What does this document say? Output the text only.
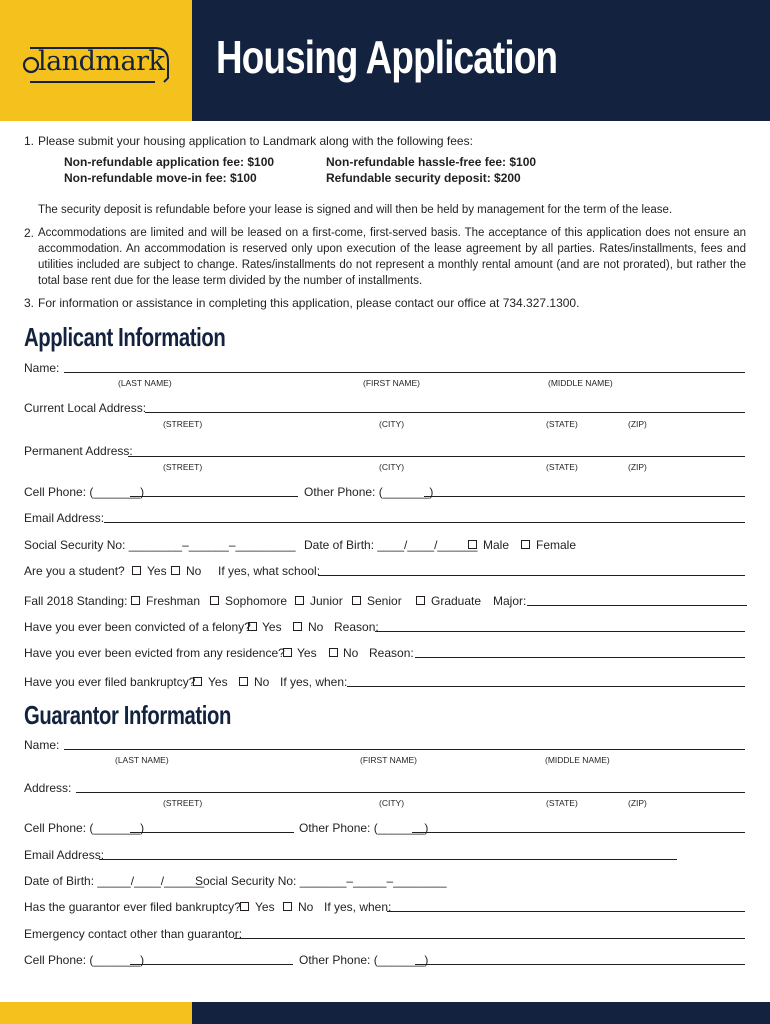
landmark Housing Application
1. Please submit your housing application to Landmark along with the following fees:
Non-refundable application fee: $100	Non-refundable hassle-free fee: $100
Non-refundable move-in fee: $100	Refundable security deposit: $200
The security deposit is refundable before your lease is signed and will then be held by management for the term of the lease.
2. Accommodations are limited and will be leased on a first-come, first-served basis. The acceptance of this application does not ensure an accommodation. An accommodation is reserved only upon execution of the lease agreement by all parties. Rates/installments, fees and utilities included are subject to change. Rates/installments do not represent a monthly rental amount (and are not prorated), but rather the total base rent due for the lease term divided by the number of installments.
3. For information or assistance in completing this application, please contact our office at 734.327.1300.
Applicant Information
Name:
(LAST NAME)	(FIRST NAME)	(MIDDLE NAME)
Current Local Address:
(STREET)	(CITY)	(STATE)	(ZIP)
Permanent Address:
(STREET)	(CITY)	(STATE)	(ZIP)
Cell Phone: (_______)	Other Phone: (_______)
Email Address:
Social Security No: ________–______–_________ Date of Birth: ____/____/______ Male Female
Are you a student? Yes No If yes, what school:
Fall 2018 Standing: Freshman Sophomore Junior Senior Graduate Major:
Have you ever been convicted of a felony? Yes No Reason:
Have you ever been evicted from any residence? Yes No Reason:
Have you ever filed bankruptcy? Yes No If yes, when:
Guarantor Information
Name:
(LAST NAME)	(FIRST NAME)	(MIDDLE NAME)
Address:
(STREET)	(CITY)	(STATE)	(ZIP)
Cell Phone: (_______)	Other Phone: (_______)
Email Address:
Date of Birth: _____/____/______
Social Security No: _______–_____–________
Has the guarantor ever filed bankruptcy? Yes No If yes, when:
Emergency contact other than guarantor:
Cell Phone: (_______)	Other Phone: (_______)
